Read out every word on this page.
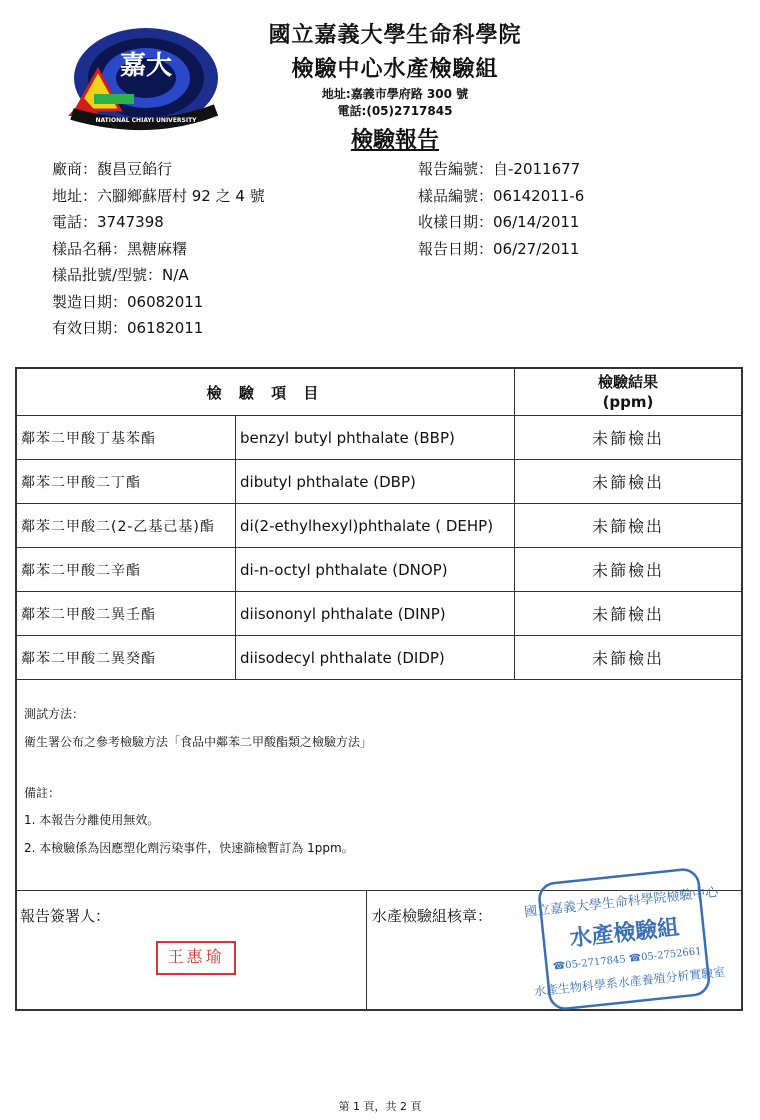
嘉大
NATIONAL CHIAYI UNIVERSITY
國立嘉義大學生命科學院
檢驗中心水產檢驗組
地址:嘉義市學府路 300 號
電話:(05)2717845
檢驗報告
廠商：馥昌豆餡行
地址：六腳鄉蘇厝村 92 之 4 號
電話：3747398
樣品名稱：黑糖麻糬
樣品批號/型號：N/A
製造日期：06082011
有效日期：06182011
報告編號：自-2011677
樣品編號：06142011-6
收樣日期：06/14/2011
報告日期：06/27/2011
檢 驗 項 目		檢驗結果
(ppm)

鄰苯二甲酸丁基苯酯	benzyl butyl phthalate (BBP)	未篩檢出
鄰苯二甲酸二丁酯	dibutyl phthalate (DBP)	未篩檢出
鄰苯二甲酸二(2-乙基己基)酯	di(2-ethylhexyl)phthalate ( DEHP)	未篩檢出
鄰苯二甲酸二辛酯	di-n-octyl phthalate (DNOP)	未篩檢出
鄰苯二甲酸二異壬酯	diisononyl phthalate (DINP)	未篩檢出
鄰苯二甲酸二異癸酯	diisodecyl phthalate (DIDP)	未篩檢出
測試方法：
衛生署公布之參考檢驗方法「食品中鄰苯二甲酸酯類之檢驗方法」
備註：
1. 本報告分離使用無效。
2. 本檢驗係為因應塑化劑污染事件，快速篩檢暫訂為 1ppm。
報告簽署人：	水產檢驗組核章：
王惠瑜
國立嘉義大學生命科學院檢驗中心
水產檢驗組
☎05-2717845 ☎05-2752661
水產生物科學系水產養殖分析實驗室
第 1 頁，共 2 頁
